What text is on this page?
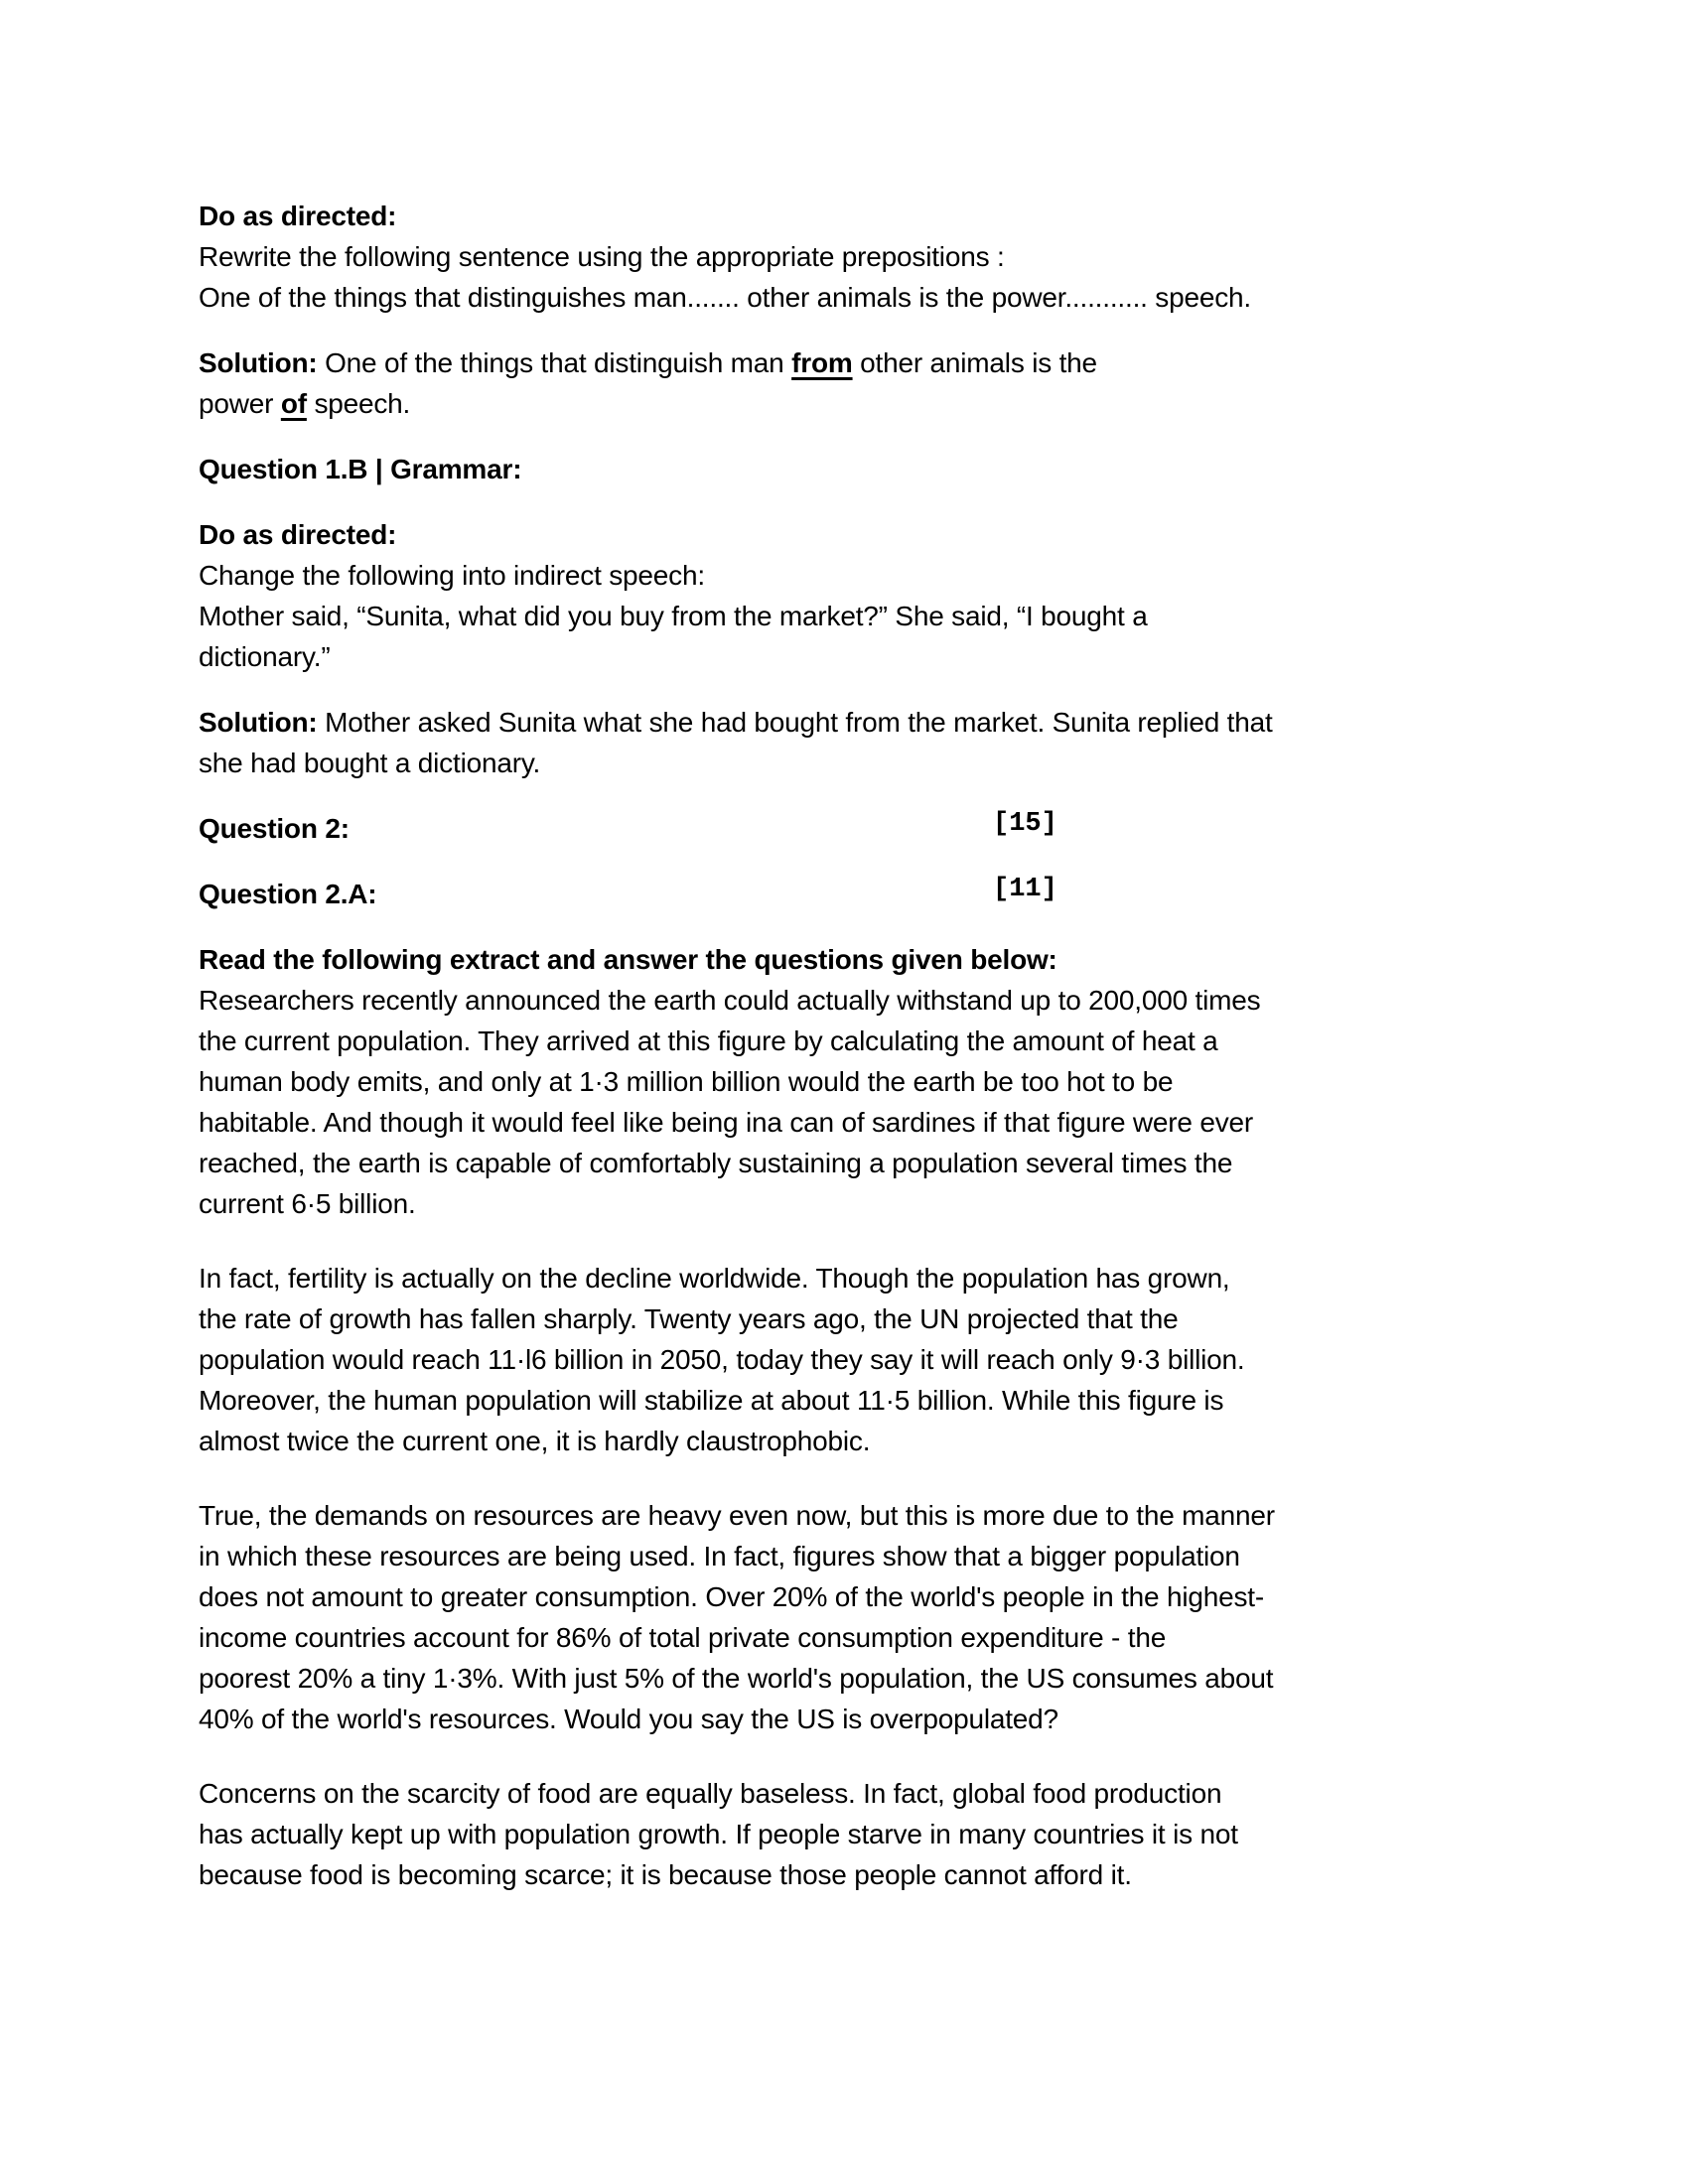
Do as directed:
Rewrite the following sentence using the appropriate prepositions :
One of the things that distinguishes man....... other animals is the power........... speech.
Solution: One of the things that distinguish man from other animals is the
power of speech.
Question 1.B | Grammar:
Do as directed:
Change the following into indirect speech:
Mother said, “Sunita, what did you buy from the market?” She said, “I bought a
dictionary.”
Solution: Mother asked Sunita what she had bought from the market. Sunita replied that
she had bought a dictionary.
Question 2:	[15]
Question 2.A:	[11]
Read the following extract and answer the questions given below:
Researchers recently announced the earth could actually withstand up to 200,000 times
the current population. They arrived at this figure by calculating the amount of heat a
human body emits, and only at 1·3 million billion would the earth be too hot to be
habitable. And though it would feel like being ina can of sardines if that figure were ever
reached, the earth is capable of comfortably sustaining a population several times the
current 6·5 billion.
In fact, fertility is actually on the decline worldwide. Though the population has grown,
the rate of growth has fallen sharply. Twenty years ago, the UN projected that the
population would reach 11·l6 billion in 2050, today they say it will reach only 9·3 billion.
Moreover, the human population will stabilize at about 11·5 billion. While this figure is
almost twice the current one, it is hardly claustrophobic.
True, the demands on resources are heavy even now, but this is more due to the manner
in which these resources are being used. In fact, figures show that a bigger population
does not amount to greater consumption. Over 20% of the world's people in the highest-
income countries account for 86% of total private consumption expenditure - the
poorest 20% a tiny 1·3%. With just 5% of the world's population, the US consumes about
40% of the world's resources. Would you say the US is overpopulated?
Concerns on the scarcity of food are equally baseless. In fact, global food production
has actually kept up with population growth. If people starve in many countries it is not
because food is becoming scarce; it is because those people cannot afford it.
